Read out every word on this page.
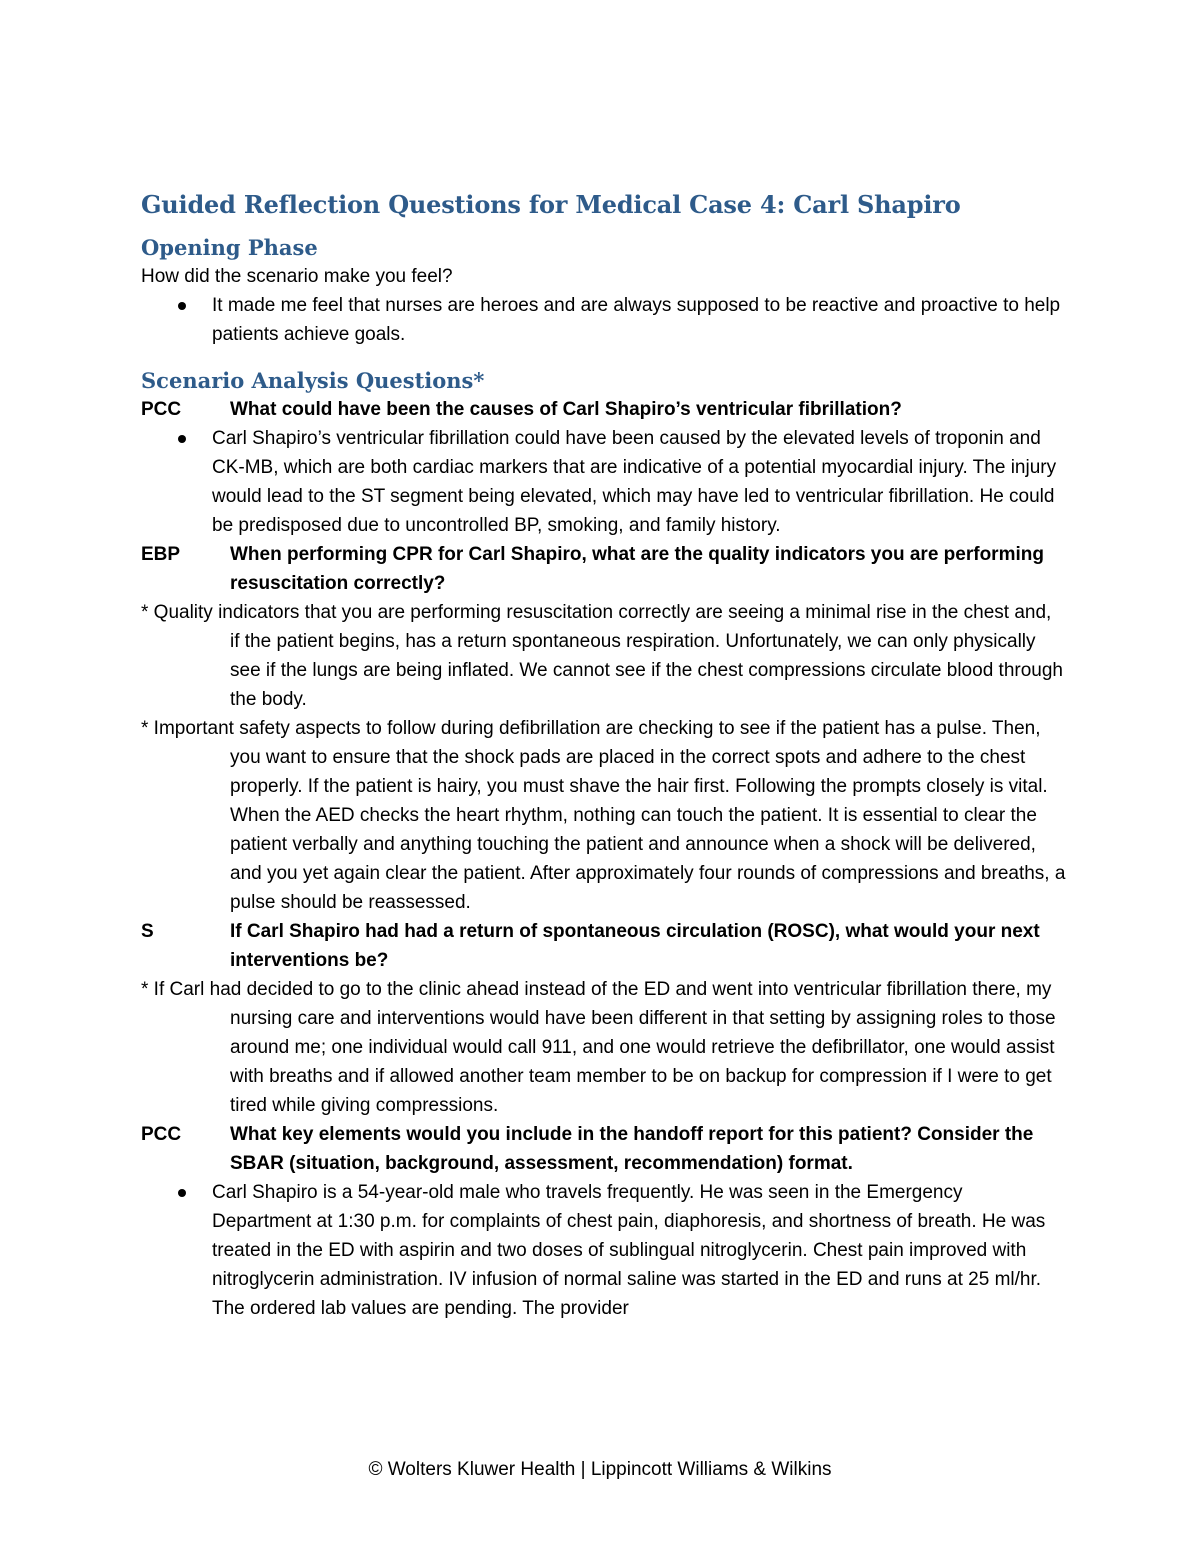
Guided Reflection Questions for Medical Case 4: Carl Shapiro
Opening Phase
How did the scenario make you feel?
It made me feel that nurses are heroes and are always supposed to be reactive and proactive to help patients achieve goals.
Scenario Analysis Questions*
PCC	What could have been the causes of Carl Shapiro’s ventricular fibrillation?
Carl Shapiro’s ventricular fibrillation could have been caused by the elevated levels of troponin and CK-MB, which are both cardiac markers that are indicative of a potential myocardial injury. The injury would lead to the ST segment being elevated, which may have led to ventricular fibrillation. He could be predisposed due to uncontrolled BP, smoking, and family history.
EBP	When performing CPR for Carl Shapiro, what are the quality indicators you are performing resuscitation correctly?
* Quality indicators that you are performing resuscitation correctly are seeing a minimal rise in the chest and, if the patient begins, has a return spontaneous respiration. Unfortunately, we can only physically see if the lungs are being inflated. We cannot see if the chest compressions circulate blood through the body.
* Important safety aspects to follow during defibrillation are checking to see if the patient has a pulse. Then, you want to ensure that the shock pads are placed in the correct spots and adhere to the chest properly. If the patient is hairy, you must shave the hair first. Following the prompts closely is vital. When the AED checks the heart rhythm, nothing can touch the patient. It is essential to clear the patient verbally and anything touching the patient and announce when a shock will be delivered, and you yet again clear the patient. After approximately four rounds of compressions and breaths, a pulse should be reassessed.
S	If Carl Shapiro had had a return of spontaneous circulation (ROSC), what would your next interventions be?
* If Carl had decided to go to the clinic ahead instead of the ED and went into ventricular fibrillation there, my nursing care and interventions would have been different in that setting by assigning roles to those around me; one individual would call 911, and one would retrieve the defibrillator, one would assist with breaths and if allowed another team member to be on backup for compression if I were to get tired while giving compressions.
PCC	What key elements would you include in the handoff report for this patient? Consider the SBAR (situation, background, assessment, recommendation) format.
Carl Shapiro is a 54-year-old male who travels frequently. He was seen in the Emergency Department at 1:30 p.m. for complaints of chest pain, diaphoresis, and shortness of breath. He was treated in the ED with aspirin and two doses of sublingual nitroglycerin. Chest pain improved with nitroglycerin administration. IV infusion of normal saline was started in the ED and runs at 25 ml/hr. The ordered lab values are pending. The provider
© Wolters Kluwer Health | Lippincott Williams & Wilkins
